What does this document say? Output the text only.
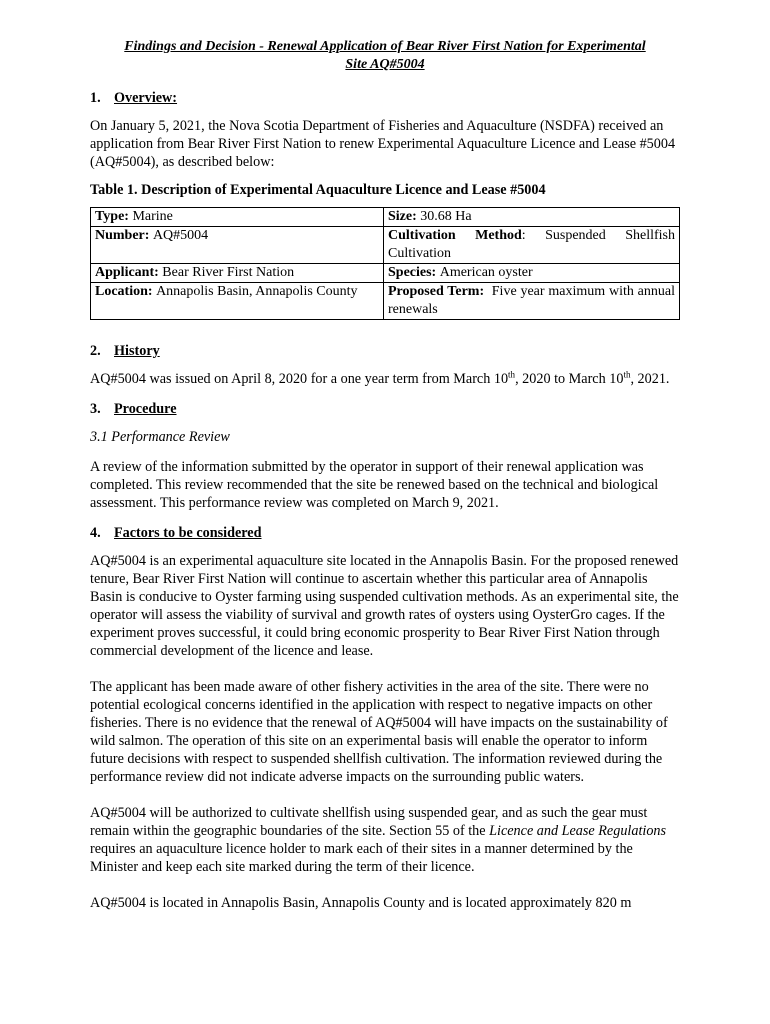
Findings and Decision - Renewal Application of Bear River First Nation for Experimental
Site AQ#5004

1. Overview:

On January 5, 2021, the Nova Scotia Department of Fisheries and Aquaculture (NSDFA) received an application from Bear River First Nation to renew Experimental Aquaculture Licence and Lease #5004 (AQ#5004), as described below:

Table 1. Description of Experimental Aquaculture Licence and Lease #5004

Type: Marine	Size: 30.68 Ha
Number: AQ#5004	Cultivation Method: Suspended Shellfish Cultivation
Applicant: Bear River First Nation	Species: American oyster
Location: Annapolis Basin, Annapolis County	Proposed Term: Five year maximum with annual renewals

2. History

AQ#5004 was issued on April 8, 2020 for a one year term from March 10th, 2020 to March 10th, 2021.

3. Procedure

3.1 Performance Review

A review of the information submitted by the operator in support of their renewal application was completed. This review recommended that the site be renewed based on the technical and biological assessment. This performance review was completed on March 9, 2021.

4. Factors to be considered

AQ#5004 is an experimental aquaculture site located in the Annapolis Basin. For the proposed renewed tenure, Bear River First Nation will continue to ascertain whether this particular area of Annapolis Basin is conducive to Oyster farming using suspended cultivation methods. As an experimental site, the operator will assess the viability of survival and growth rates of oysters using OysterGro cages. If the experiment proves successful, it could bring economic prosperity to Bear River First Nation through commercial development of the licence and lease.

The applicant has been made aware of other fishery activities in the area of the site. There were no potential ecological concerns identified in the application with respect to negative impacts on other fisheries. There is no evidence that the renewal of AQ#5004 will have impacts on the sustainability of wild salmon. The operation of this site on an experimental basis will enable the operator to inform future decisions with respect to suspended shellfish cultivation. The information reviewed during the performance review did not indicate adverse impacts on the surrounding public waters.

AQ#5004 will be authorized to cultivate shellfish using suspended gear, and as such the gear must remain within the geographic boundaries of the site. Section 55 of the Licence and Lease Regulations requires an aquaculture licence holder to mark each of their sites in a manner determined by the Minister and keep each site marked during the term of their licence.

AQ#5004 is located in Annapolis Basin, Annapolis County and is located approximately 820 m
